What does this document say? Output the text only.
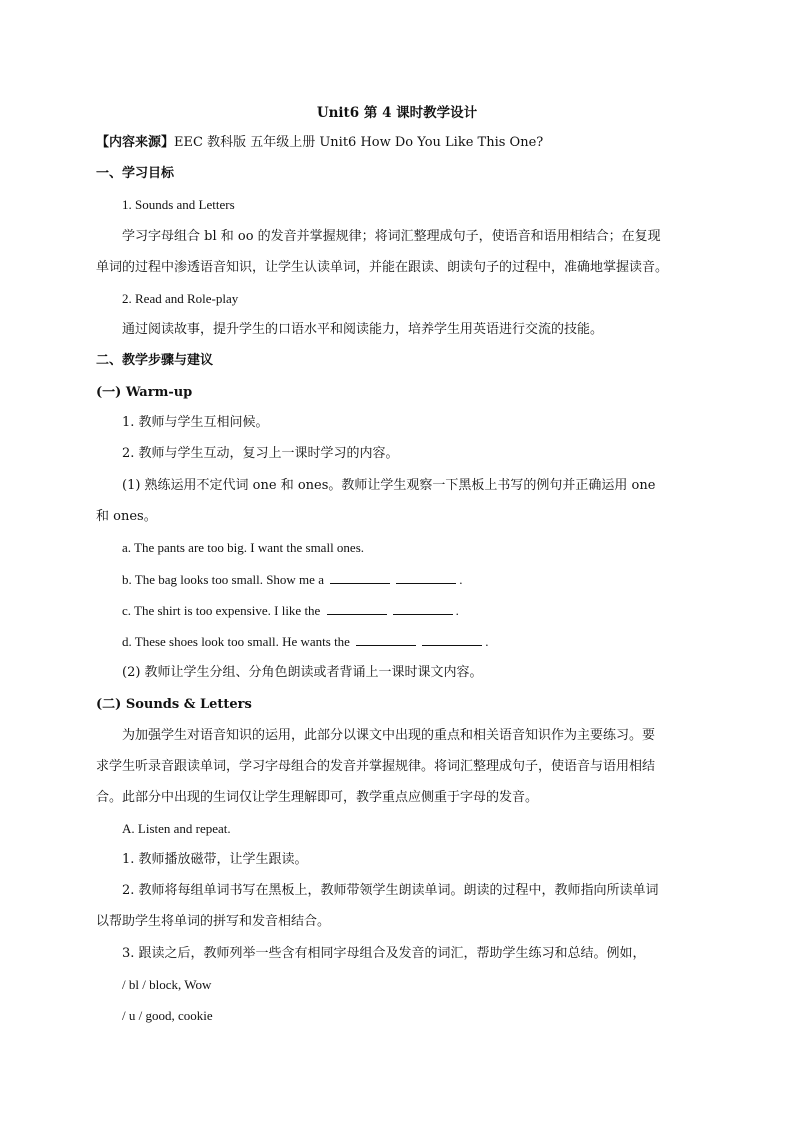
Unit6 第 4 课时教学设计
【内容来源】EEC 教科版 五年级上册 Unit6 How Do You Like This One?
一、学习目标
1. Sounds and Letters
学习字母组合 bl 和 oo 的发音并掌握规律；将词汇整理成句子，使语音和语用相结合；在复现
单词的过程中渗透语音知识，让学生认读单词，并能在跟读、朗读句子的过程中，准确地掌握读音。
2. Read and Role-play
通过阅读故事，提升学生的口语水平和阅读能力，培养学生用英语进行交流的技能。
二、教学步骤与建议
(一) Warm-up
1. 教师与学生互相问候。
2. 教师与学生互动，复习上一课时学习的内容。
(1) 熟练运用不定代词 one 和 ones。教师让学生观察一下黑板上书写的例句并正确运用 one
和 ones。
a. The pants are too big. I want the small ones.
b. The bag looks too small. Show me a	.
c. The shirt is too expensive. I like the	.
d. These shoes look too small. He wants the	.
(2) 教师让学生分组、分角色朗读或者背诵上一课时课文内容。
(二) Sounds & Letters
为加强学生对语音知识的运用，此部分以课文中出现的重点和相关语音知识作为主要练习。要
求学生听录音跟读单词，学习字母组合的发音并掌握规律。将词汇整理成句子，使语音与语用相结
合。此部分中出现的生词仅让学生理解即可，教学重点应侧重于字母的发音。
A. Listen and repeat.
1. 教师播放磁带，让学生跟读。
2. 教师将每组单词书写在黑板上，教师带领学生朗读单词。朗读的过程中，教师指向所读单词
以帮助学生将单词的拼写和发音相结合。
3. 跟读之后，教师列举一些含有相同字母组合及发音的词汇，帮助学生练习和总结。例如，
/ bl / block, Wow
/ u / good, cookie
